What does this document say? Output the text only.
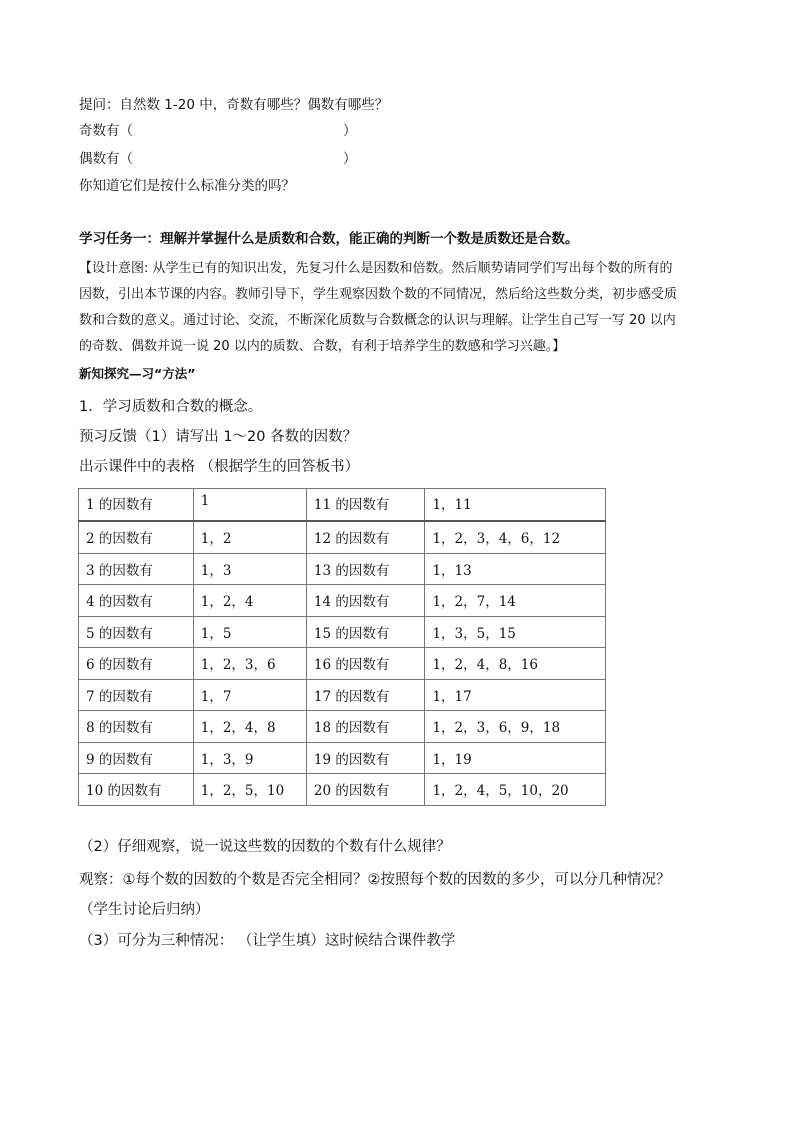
提问：自然数 1-20 中，奇数有哪些？偶数有哪些？
奇数有（	）
偶数有（	）
你知道它们是按什么标准分类的吗？
学习任务一：理解并掌握什么是质数和合数，能正确的判断一个数是质数还是合数。
【设计意图: 从学生已有的知识出发，先复习什么是因数和倍数。然后顺势请同学们写出每个数的所有的
因数，引出本节课的内容。教师引导下，学生观察因数个数的不同情况，然后给这些数分类，初步感受质
数和合数的意义。通过讨论、交流，不断深化质数与合数概念的认识与理解。让学生自己写一写 20 以内
的奇数、偶数并说一说 20 以内的质数、合数，有利于培养学生的数感和学习兴趣。】
新知探究—习“方法”
1．学习质数和合数的概念。
预习反馈（1）请写出 1～20 各数的因数？
出示课件中的表格 （根据学生的回答板书）
1 的因数有	1	11 的因数有	1，11
2 的因数有	1，2	12 的因数有	1，2，3，4，6，12
3 的因数有	1，3	13 的因数有	1，13
4 的因数有	1，2，4	14 的因数有	1，2，7，14
5 的因数有	1，5	15 的因数有	1，3，5，15
6 的因数有	1，2，3，6	16 的因数有	1，2，4，8，16
7 的因数有	1，7	17 的因数有	1，17
8 的因数有	1，2，4，8	18 的因数有	1，2，3，6，9，18
9 的因数有	1，3，9	19 的因数有	1，19
10 的因数有	1，2，5，10	20 的因数有	1，2，4，5，10，20
（2）仔细观察，说一说这些数的因数的个数有什么规律？
观察：①每个数的因数的个数是否完全相同？②按照每个数的因数的多少，可以分几种情况？
（学生讨论后归纳）
（3）可分为三种情况： （让学生填）这时候结合课件教学
